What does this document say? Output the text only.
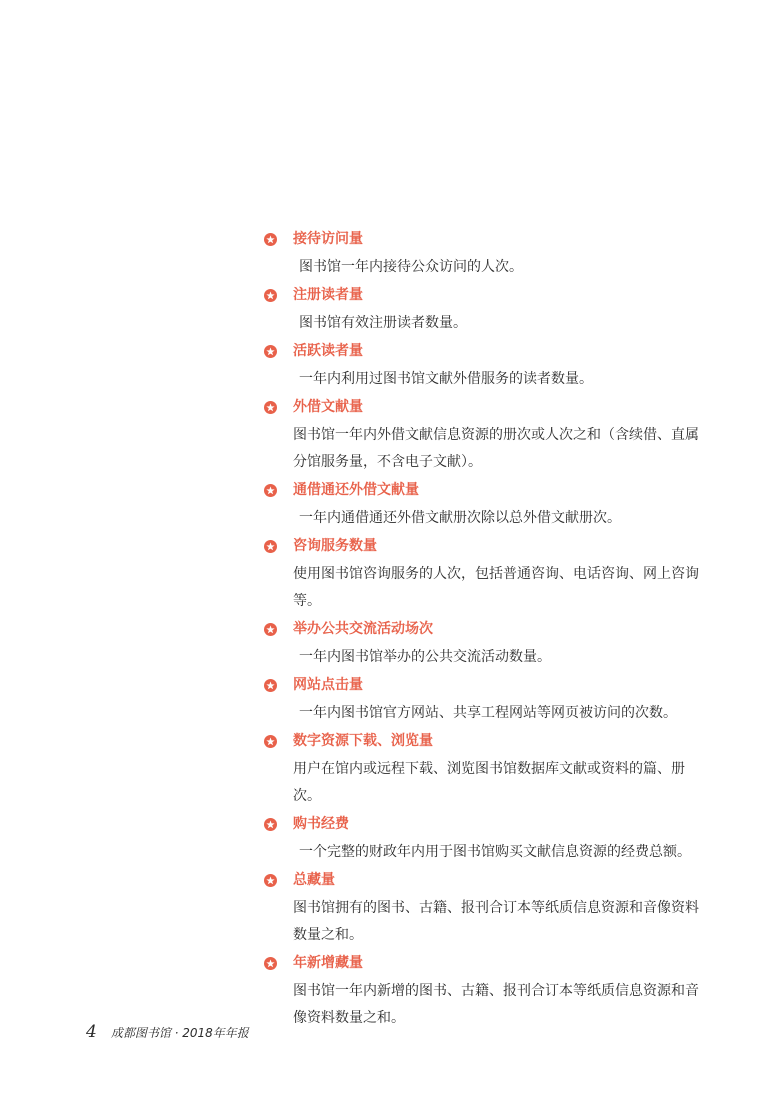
接待访问量
图书馆一年内接待公众访问的人次。
注册读者量
图书馆有效注册读者数量。
活跃读者量
一年内利用过图书馆文献外借服务的读者数量。
外借文献量
图书馆一年内外借文献信息资源的册次或人次之和（含续借、直属分馆服务量，不含电子文献）。
通借通还外借文献量
一年内通借通还外借文献册次除以总外借文献册次。
咨询服务数量
使用图书馆咨询服务的人次，包括普通咨询、电话咨询、网上咨询等。
举办公共交流活动场次
一年内图书馆举办的公共交流活动数量。
网站点击量
一年内图书馆官方网站、共享工程网站等网页被访问的次数。
数字资源下载、浏览量
用户在馆内或远程下载、浏览图书馆数据库文献或资料的篇、册次。
购书经费
一个完整的财政年内用于图书馆购买文献信息资源的经费总额。
总藏量
图书馆拥有的图书、古籍、报刊合订本等纸质信息资源和音像资料数量之和。
年新增藏量
图书馆一年内新增的图书、古籍、报刊合订本等纸质信息资源和音像资料数量之和。
4 成都图书馆 · 2018年年报
